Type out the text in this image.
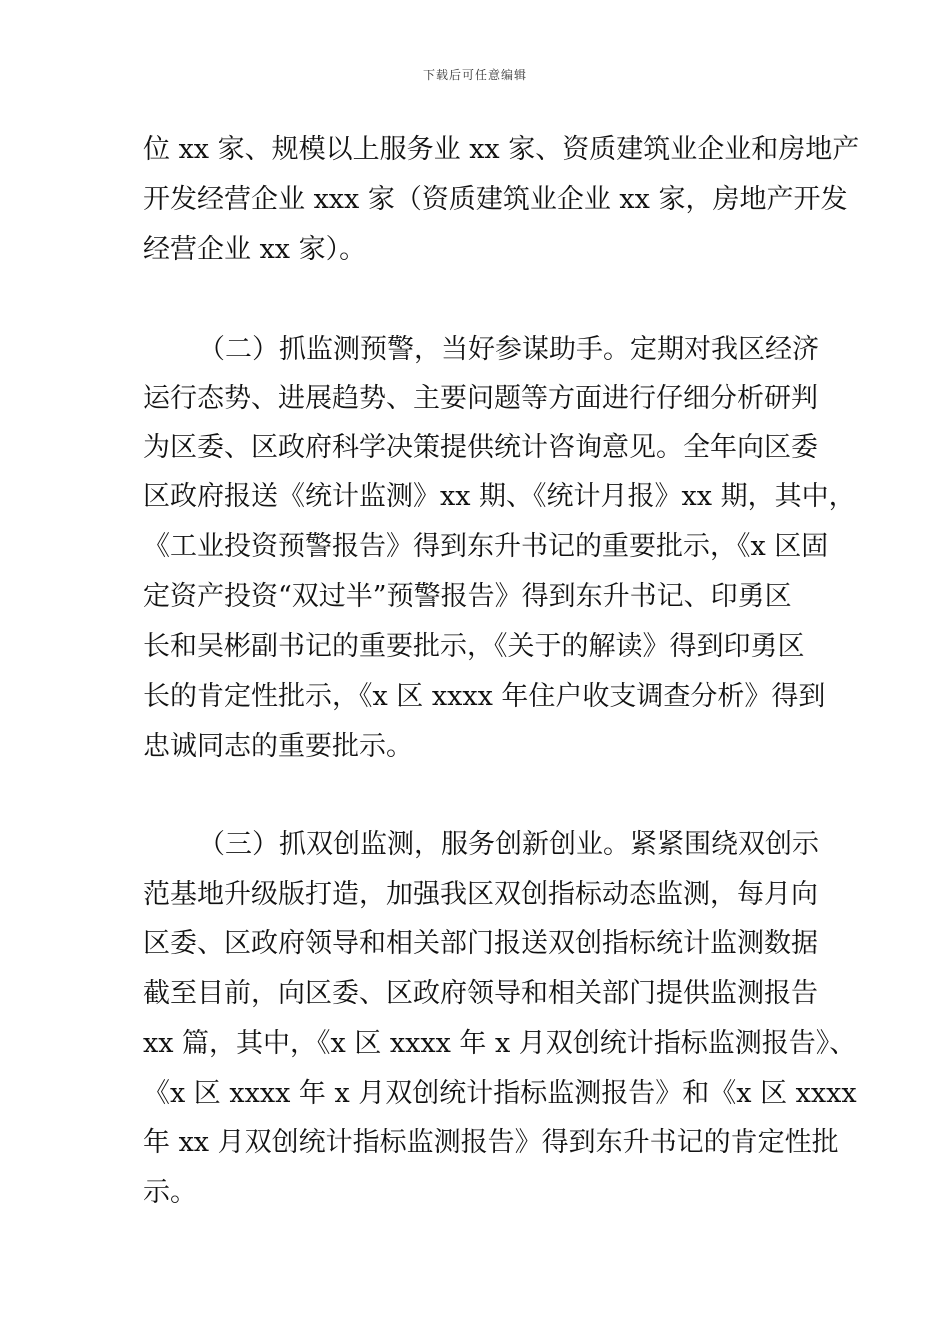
下载后可任意编辑
位 xx 家、规模以上服务业 xx 家、资质建筑业企业和房地产
开发经营企业 xxx 家（资质建筑业企业 xx 家，房地产开发
经营企业 xx 家）。
（二）抓监测预警，当好参谋助手。定期对我区经济
运行态势、进展趋势、主要问题等方面进行仔细分析研判
为区委、区政府科学决策提供统计咨询意见。全年向区委
区政府报送《统计监测》xx 期、《统计月报》xx 期，其中，
《工业投资预警报告》得到东升书记的重要批示，《x 区固
定资产投资“双过半”预警报告》得到东升书记、印勇区
长和吴彬副书记的重要批示，《关于的解读》得到印勇区
长的肯定性批示，《x 区 xxxx 年住户收支调查分析》得到
忠诚同志的重要批示。
（三）抓双创监测，服务创新创业。紧紧围绕双创示
范基地升级版打造，加强我区双创指标动态监测，每月向
区委、区政府领导和相关部门报送双创指标统计监测数据
截至目前，向区委、区政府领导和相关部门提供监测报告
xx 篇，其中，《x 区 xxxx 年 x 月双创统计指标监测报告》、
《x 区 xxxx 年 x 月双创统计指标监测报告》和《x 区 xxxx
年 xx 月双创统计指标监测报告》得到东升书记的肯定性批
示。
